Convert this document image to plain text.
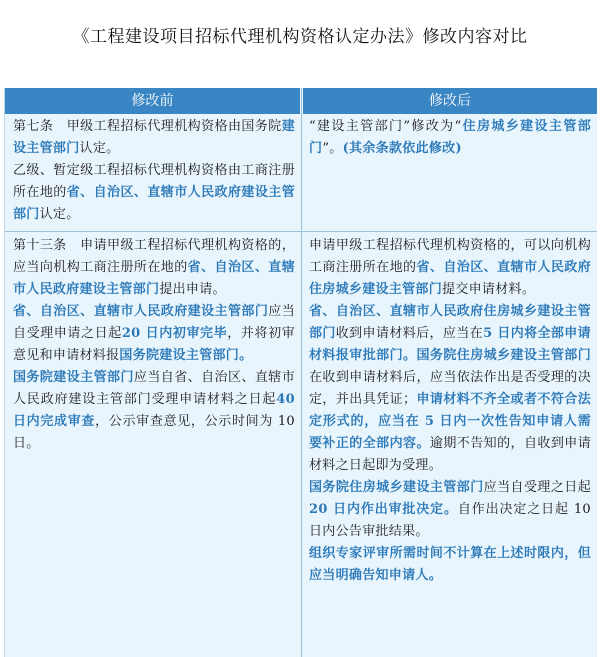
《工程建设项目招标代理机构资格认定办法》修改内容对比
修改前	修改后

第七条　甲级工程招标代理机构资格由国务院建设主管部门认定。

乙级、暂定级工程招标代理机构资格由工商注册所在地的省、自治区、直辖市人民政府建设主管部门认定。

“建设主管部门”修改为“住房城乡建设主管部门”。(其余条款依此修改)

第十三条　申请甲级工程招标代理机构资格的，应当向机构工商注册所在地的省、自治区、直辖市人民政府建设主管部门提出申请。

省、自治区、直辖市人民政府建设主管部门应当自受理申请之日起20 日内初审完毕，并将初审意见和申请材料报国务院建设主管部门。

国务院建设主管部门应当自省、自治区、直辖市人民政府建设主管部门受理申请材料之日起40 日内完成审查，公示审查意见，公示时间为 10 日。

申请甲级工程招标代理机构资格的，可以向机构工商注册所在地的省、自治区、直辖市人民政府住房城乡建设主管部门提交申请材料。

省、自治区、直辖市人民政府住房城乡建设主管部门收到申请材料后，应当在5 日内将全部申请材料报审批部门。国务院住房城乡建设主管部门在收到申请材料后，应当依法作出是否受理的决定，并出具凭证；申请材料不齐全或者不符合法定形式的，应当在 5 日内一次性告知申请人需要补正的全部内容。逾期不告知的，自收到申请材料之日起即为受理。

国务院住房城乡建设主管部门应当自受理之日起20 日内作出审批决定。自作出决定之日起 10 日内公告审批结果。

组织专家评审所需时间不计算在上述时限内，但应当明确告知申请人。
